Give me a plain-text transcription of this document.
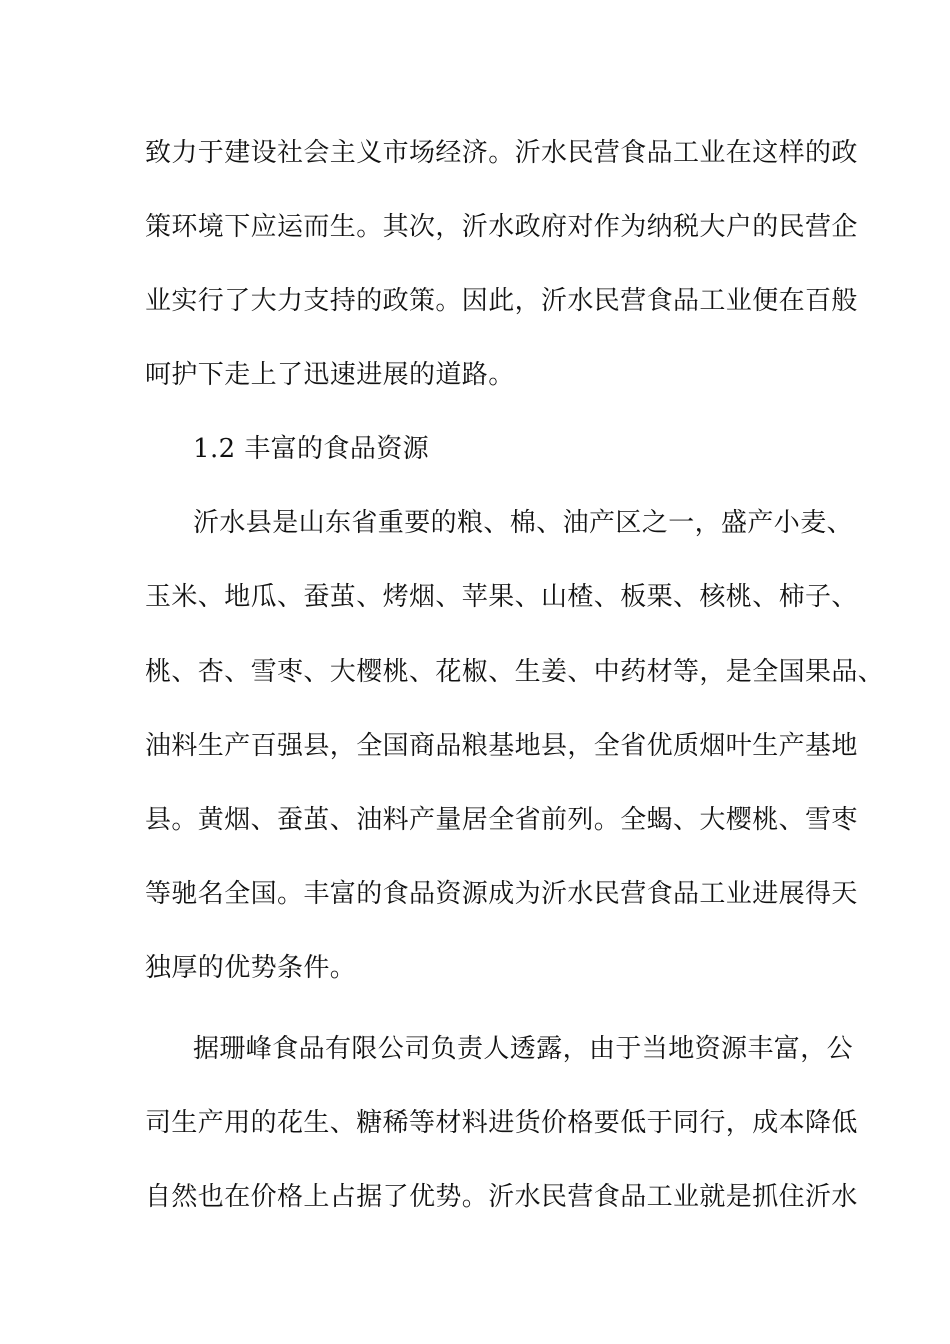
致力于建设社会主义市场经济。沂水民营食品工业在这样的政
策环境下应运而生。其次，沂水政府对作为纳税大户的民营企
业实行了大力支持的政策。因此，沂水民营食品工业便在百般
呵护下走上了迅速进展的道路。
1.2 丰富的食品资源
沂水县是山东省重要的粮、棉、油产区之一，盛产小麦、
玉米、地瓜、蚕茧、烤烟、苹果、山楂、板栗、核桃、柿子、
桃、杏、雪枣、大樱桃、花椒、生姜、中药材等，是全国果品、
油料生产百强县，全国商品粮基地县，全省优质烟叶生产基地
县。黄烟、蚕茧、油料产量居全省前列。全蝎、大樱桃、雪枣
等驰名全国。丰富的食品资源成为沂水民营食品工业进展得天
独厚的优势条件。
据珊峰食品有限公司负责人透露，由于当地资源丰富，公
司生产用的花生、糖稀等材料进货价格要低于同行，成本降低
自然也在价格上占据了优势。沂水民营食品工业就是抓住沂水
